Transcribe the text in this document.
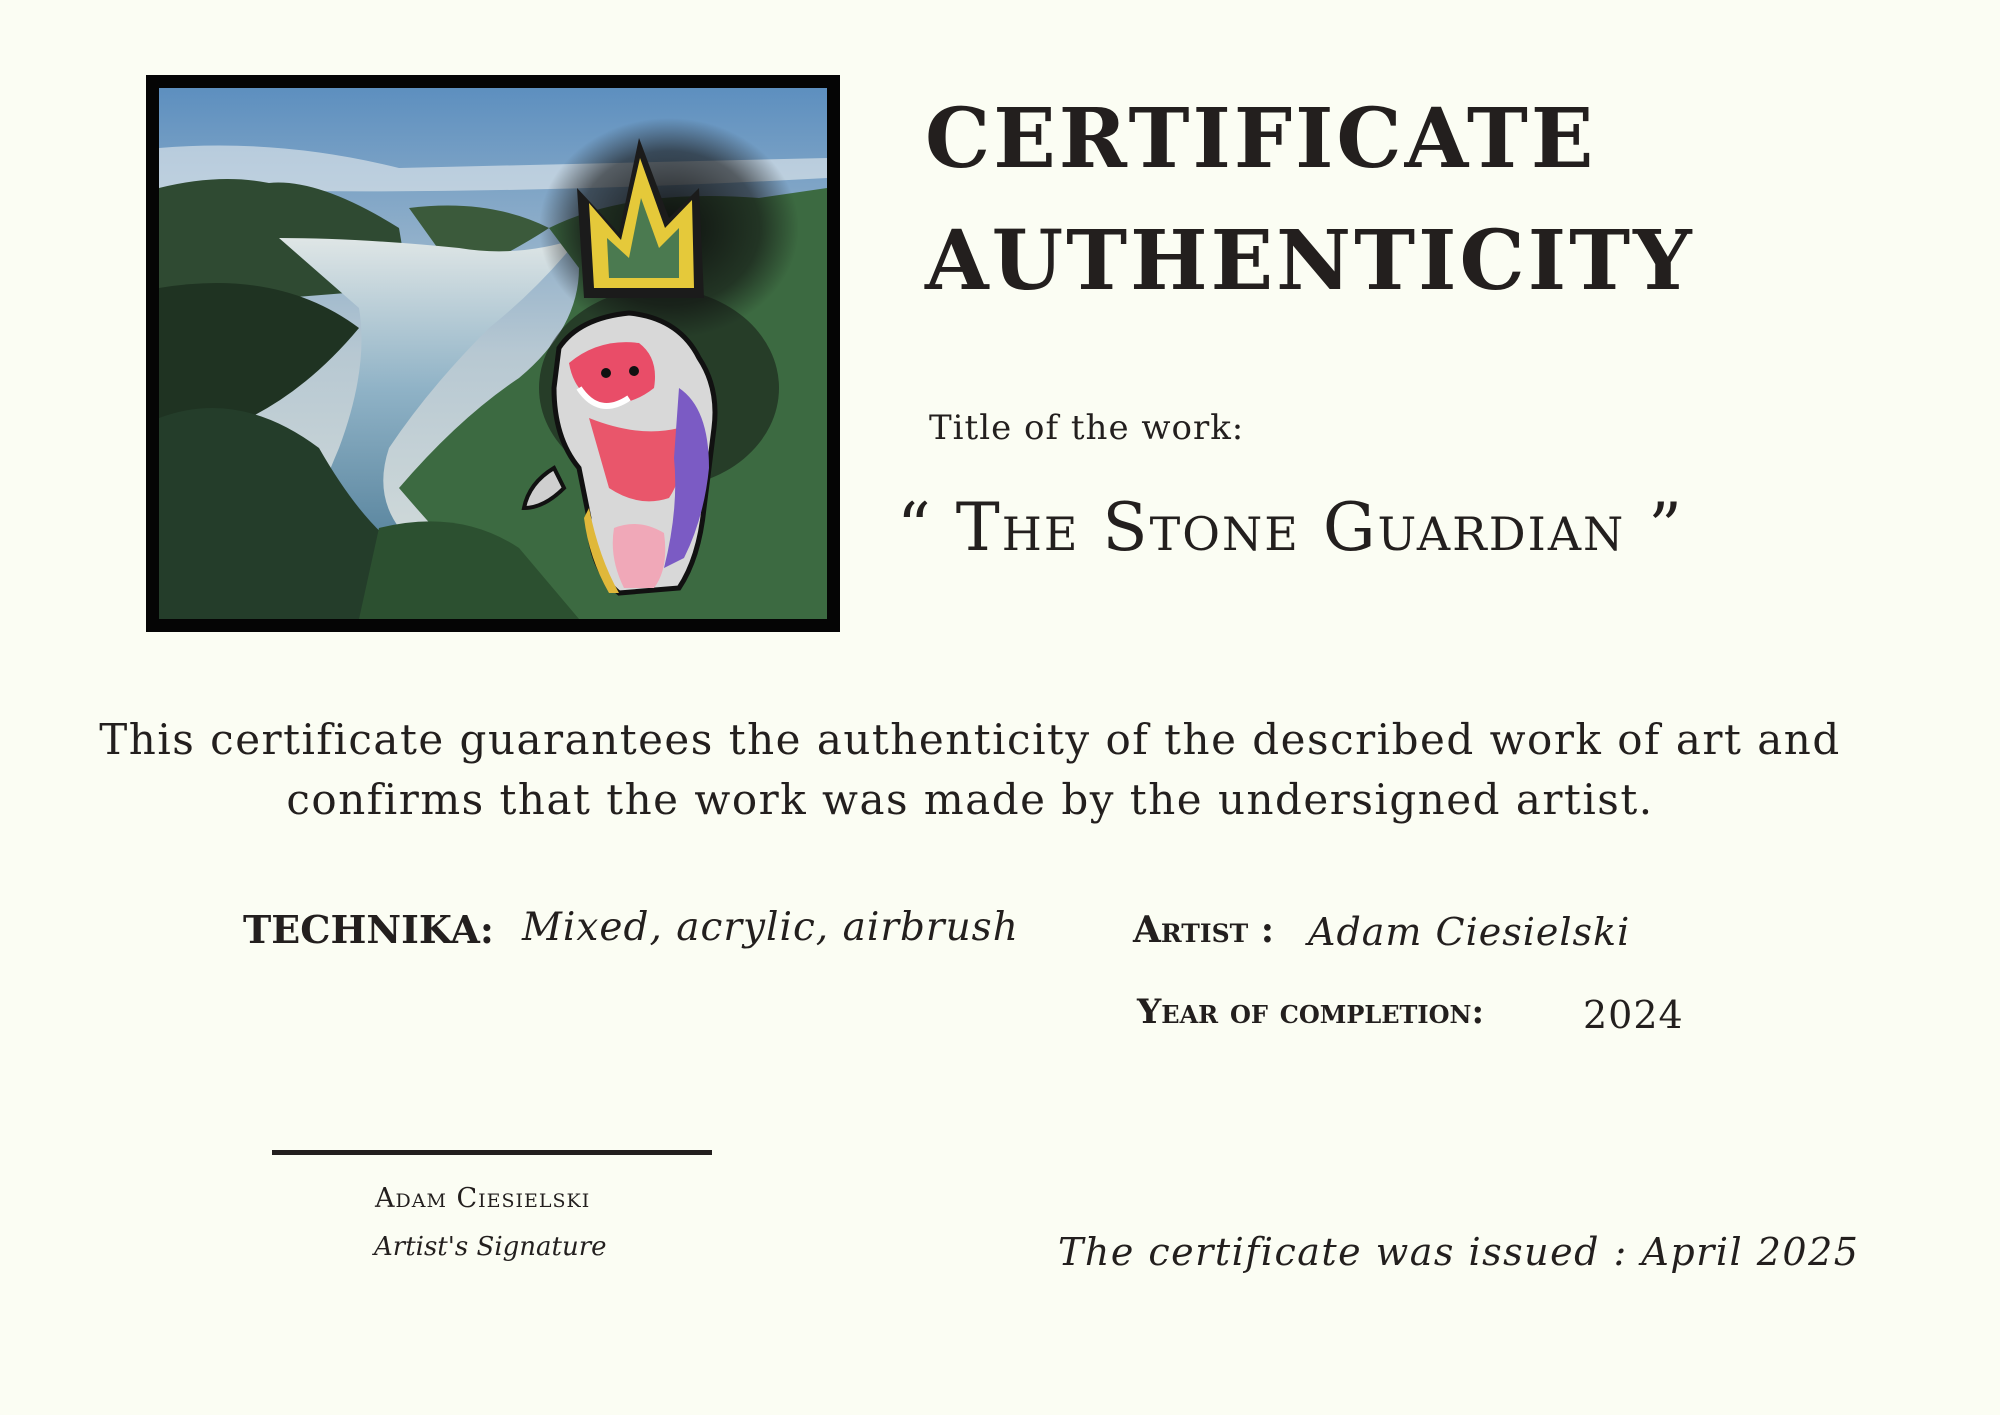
CERTIFICATE
AUTHENTICITY
Title of the work:
“ The Stone Guardian ”
This certificate guarantees the authenticity of the described work of art and
confirms that the work was made by the undersigned artist.
TECHNIKA: Mixed, acrylic, airbrush	Artist : Adam Ciesielski
Year of completion:	2024
Adam Ciesielski
Artist's Signature	The certificate was issued : April 2025
